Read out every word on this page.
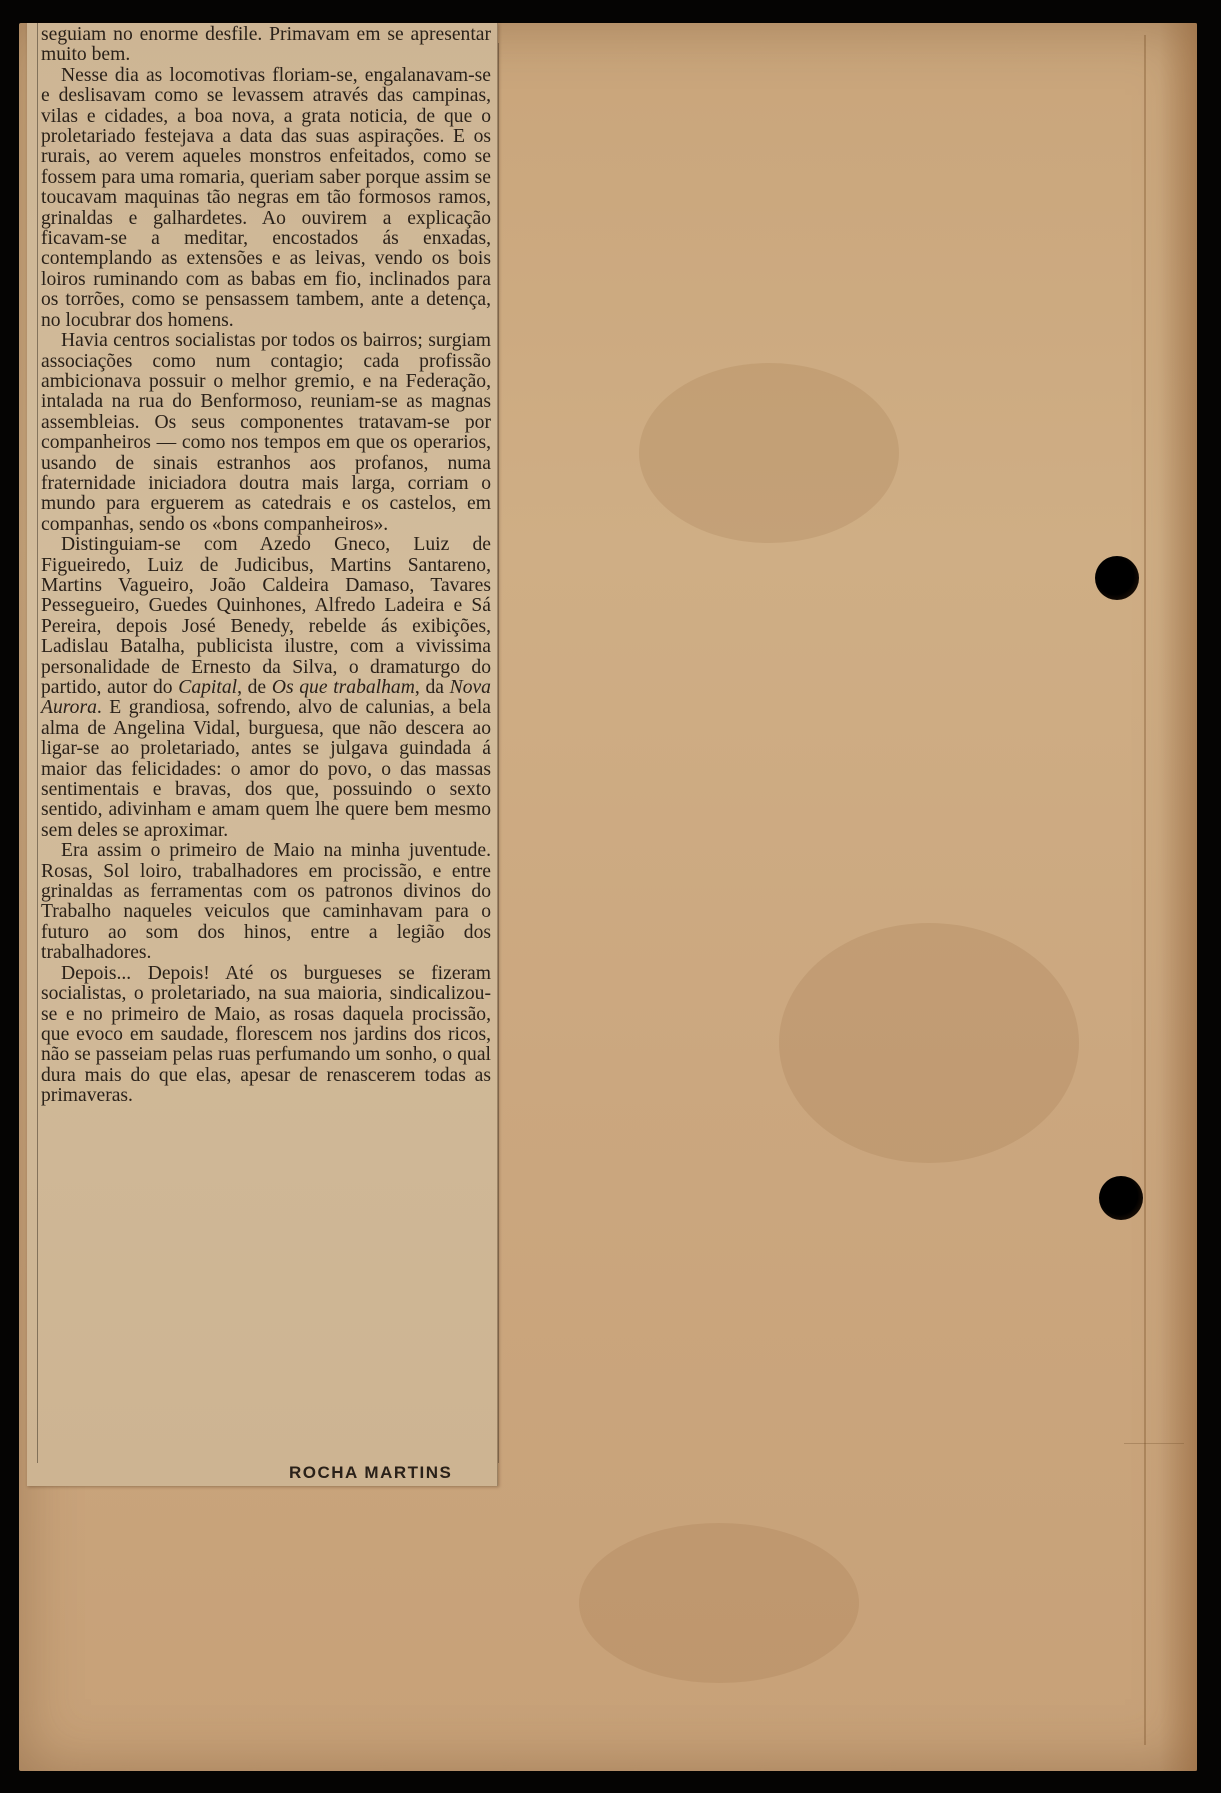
seguiam no enorme desfile. Primavam em se apresentar muito bem.

Nesse dia as locomotivas floriam-se, engalanavam-se e deslisavam como se levassem através das campinas, vilas e cidades, a boa nova, a grata noticia, de que o proletariado festejava a data das suas aspirações. E os rurais, ao verem aqueles monstros enfeitados, como se fossem para uma romaria, queriam saber porque assim se toucavam maquinas tão negras em tão formosos ramos, grinaldas e galhardetes. Ao ouvirem a explicação ficavam-se a meditar, encostados ás enxadas, contemplando as extensões e as leivas, vendo os bois loiros ruminando com as babas em fio, inclinados para os torrões, como se pensassem tambem, ante a detença, no locubrar dos homens.

Havia centros socialistas por todos os bairros; surgiam associações como num contagio; cada profissão ambicionava possuir o melhor gremio, e na Federação, intalada na rua do Benformoso, reuniam-se as magnas assembleias. Os seus componentes tratavam-se por companheiros — como nos tempos em que os operarios, usando de sinais estranhos aos profanos, numa fraternidade iniciadora doutra mais larga, corriam o mundo para erguerem as catedrais e os castelos, em companhas, sendo os «bons companheiros».

Distinguiam-se com Azedo Gneco, Luiz de Figueiredo, Luiz de Judicibus, Martins Santareno, Martins Vagueiro, João Caldeira Damaso, Tavares Pessegueiro, Guedes Quinhones, Alfredo Ladeira e Sá Pereira, depois José Benedy, rebelde ás exibições, Ladislau Batalha, publicista ilustre, com a vivissima personalidade de Ernesto da Silva, o dramaturgo do partido, autor do Capital, de Os que trabalham, da Nova Aurora. E grandiosa, sofrendo, alvo de calunias, a bela alma de Angelina Vidal, burguesa, que não descera ao ligar-se ao proletariado, antes se julgava guindada á maior das felicidades: o amor do povo, o das massas sentimentais e bravas, dos que, possuindo o sexto sentido, adivinham e amam quem lhe quere bem mesmo sem deles se aproximar.

Era assim o primeiro de Maio na minha juventude. Rosas, Sol loiro, trabalhadores em procissão, e entre grinaldas as ferramentas com os patronos divinos do Trabalho naqueles veiculos que caminhavam para o futuro ao som dos hinos, entre a legião dos trabalhadores.

Depois... Depois! Até os burgueses se fizeram socialistas, o proletariado, na sua maioria, sindicalizou-se e no primeiro de Maio, as rosas daquela procissão, que evoco em saudade, florescem nos jardins dos ricos, não se passeiam pelas ruas perfumando um sonho, o qual dura mais do que elas, apesar de renascerem todas as primaveras.

ROCHA MARTINS
